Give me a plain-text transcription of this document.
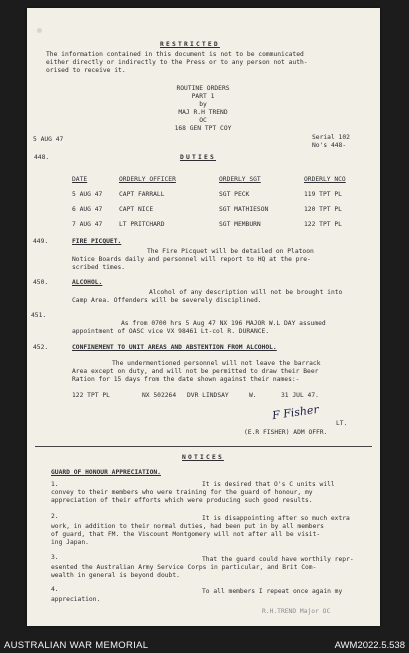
RESTRICTED
The information contained in this document is not to be communicated
either directly or indirectly to the Press or to any person not auth-
orised to receive it.
ROUTINE ORDERS
PART 1
by
MAJ R.H TREND
OC
168 GEN TPT COY
5 AUG 47	Serial 102
No's 448-
448.	DUTIES
DATE	ORDERLY OFFICER	ORDERLY SGT	ORDERLY NCO
5 AUG 47	CAPT FARRALL	SGT PECK	119 TPT PL
6 AUG 47	CAPT NICE	SGT MATHIESON	120 TPT PL
7 AUG 47	LT PRITCHARD	SGT MEMBURN	122 TPT PL
449.	FIRE PICQUET.
The Fire Picquet will be detailed on Platoon
Notice Boards daily and personnel will report to HQ at the pre-
scribed times.
450.	ALCOHOL.
Alcohol of any description will not be brought into
Camp Area. Offenders will be severely disciplined.
451.
As from 0700 hrs 5 Aug 47 NX 196 MAJOR W.L DAY assumed
appointment of OASC vice VX 98461 Lt-col R. DURANCE.
452.	CONFINEMENT TO UNIT AREAS AND ABSTENTION FROM ALCOHOL.
The undermentioned personnel will not leave the barrack
Area except on duty, and will not be permitted to draw their Beer
Ration for 15 days from the date shown against their names:-
122 TPT PL	NX 502264 DVR LINDSAY	W.	31 JUL 47.
F Fisher
LT.
(E.R FISHER) ADM OFFR.
NOTICES
GUARD OF HONOUR APPRECIATION.
1.	It is desired that O's C units will
convey to their members who were training for the guard of honour, my
appreciation of their efforts which were producing such good results.
2.	It is disappointing after so much extra
work, in addition to their normal duties, had been put in by all members
of guard, that FM. the Viscount Montgomery will not after all be visit-
ing Japan.
3.	That the guard could have worthily repr-
esented the Australian Army Service Corps in particular, and Brit Com-
wealth in general is beyond doubt.
4.	To all members I repeat once again my
appreciation.
R.H.TREND Major OC
AUSTRALIAN WAR MEMORIAL	AWM2022.5.538
